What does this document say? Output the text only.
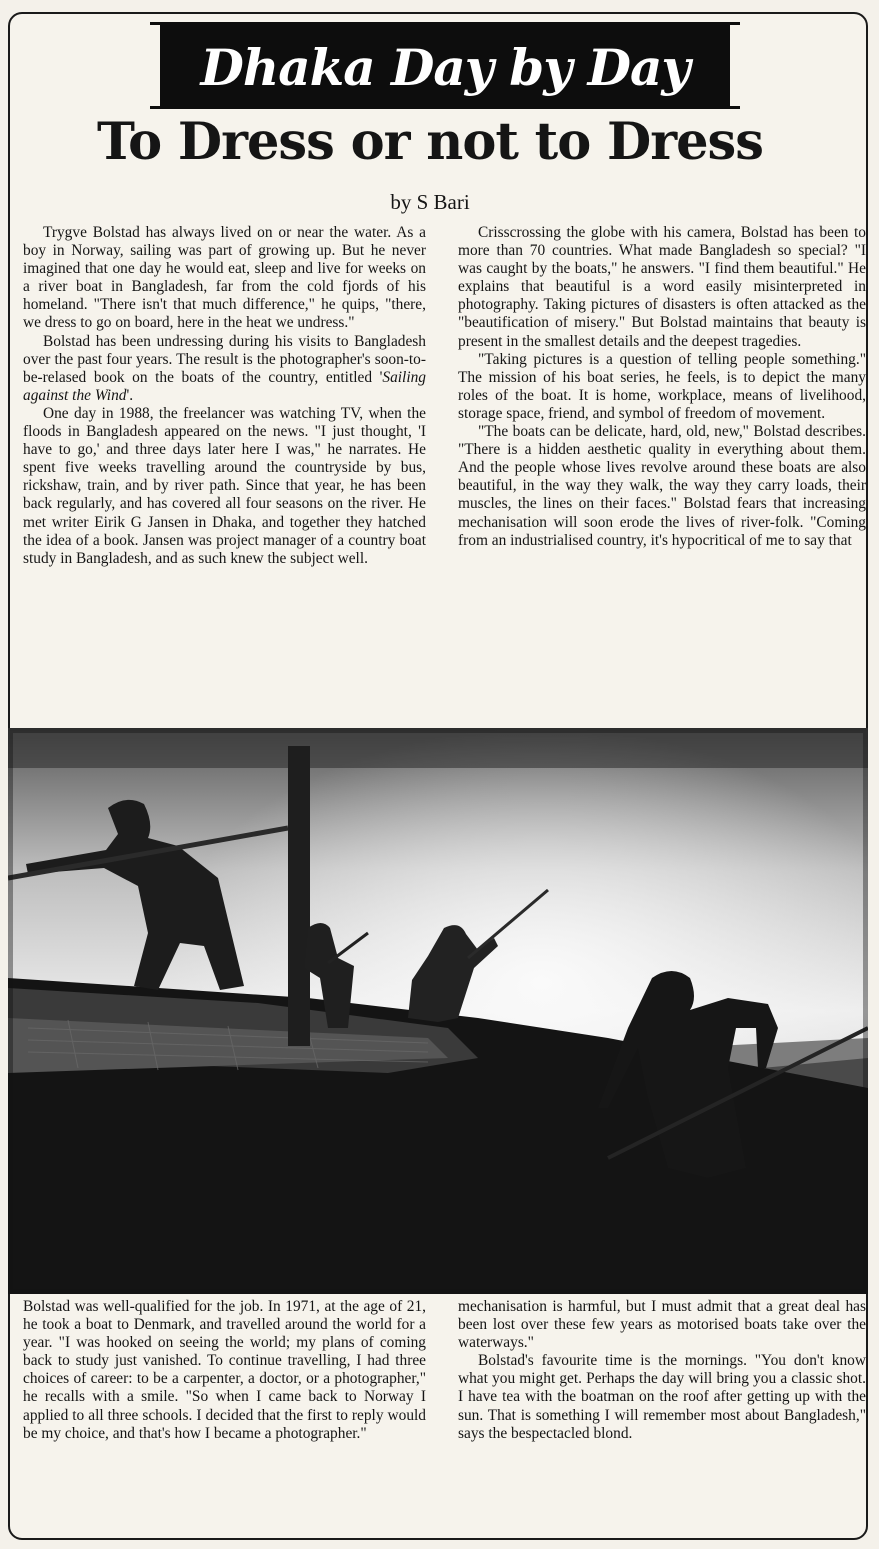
Dhaka Day by Day
To Dress or not to Dress
by S Bari

Trygve Bolstad has always lived on or near the water. As a boy in Norway, sailing was part of growing up. But he never imagined that one day he would eat, sleep and live for weeks on a river boat in Bangladesh, far from the cold fjords of his homeland. "There isn't that much difference," he quips, "there, we dress to go on board, here in the heat we undress."

Bolstad has been undressing during his visits to Bangladesh over the past four years. The result is the photographer's soon-to-be-relased book on the boats of the country, entitled 'Sailing against the Wind'.

One day in 1988, the freelancer was watching TV, when the floods in Bangladesh appeared on the news. "I just thought, 'I have to go,' and three days later here I was," he narrates. He spent five weeks travelling around the countryside by bus, rickshaw, train, and by river path. Since that year, he has been back regularly, and has covered all four seasons on the river. He met writer Eirik G Jansen in Dhaka, and together they hatched the idea of a book. Jansen was project manager of a country boat study in Bangladesh, and as such knew the subject well.

Crisscrossing the globe with his camera, Bolstad has been to more than 70 countries. What made Bangladesh so special? "I was caught by the boats," he answers. "I find them beautiful." He explains that beautiful is a word easily misinterpreted in photography. Taking pictures of disasters is often attacked as the "beautification of misery." But Bolstad maintains that beauty is present in the smallest details and the deepest tragedies.

"Taking pictures is a question of telling people something." The mission of his boat series, he feels, is to depict the many roles of the boat. It is home, workplace, means of livelihood, storage space, friend, and symbol of freedom of movement.

"The boats can be delicate, hard, old, new," Bolstad describes. "There is a hidden aesthetic quality in everything about them. And the people whose lives revolve around these boats are also beautiful, in the way they walk, the way they carry loads, their muscles, the lines on their faces." Bolstad fears that increasing mechanisation will soon erode the lives of river-folk. "Coming from an industrialised country, it's hypocritical of me to say that

Bolstad was well-qualified for the job. In 1971, at the age of 21, he took a boat to Denmark, and travelled around the world for a year. "I was hooked on seeing the world; my plans of coming back to study just vanished. To continue travelling, I had three choices of career: to be a carpenter, a doctor, or a photographer," he recalls with a smile. "So when I came back to Norway I applied to all three schools. I decided that the first to reply would be my choice, and that's how I became a photographer."

mechanisation is harmful, but I must admit that a great deal has been lost over these few years as motorised boats take over the waterways."

Bolstad's favourite time is the mornings. "You don't know what you might get. Perhaps the day will bring you a classic shot. I have tea with the boatman on the roof after getting up with the sun. That is something I will remember most about Bangladesh," says the bespectacled blond.
